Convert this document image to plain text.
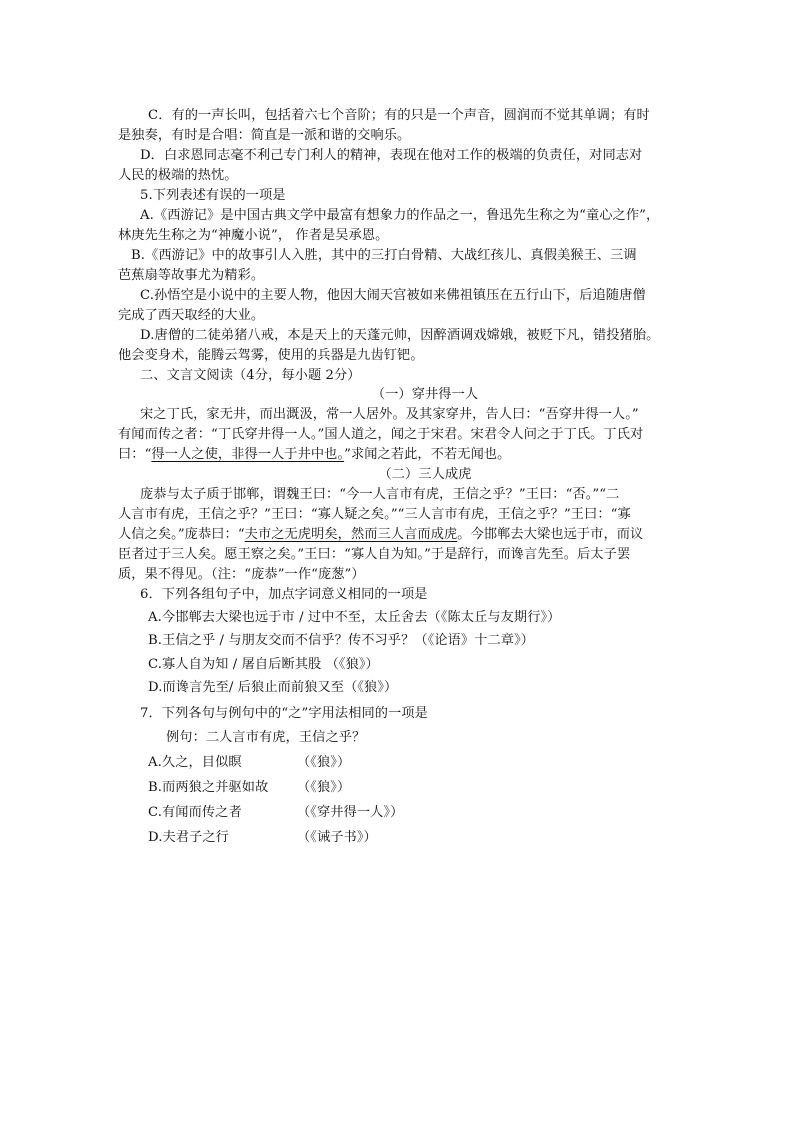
C．有的一声长叫，包括着六七个音阶；有的只是一个声音，圆润而不觉其单调；有时
是独奏，有时是合唱：简直是一派和谐的交响乐。
D．白求恩同志毫不利己专门利人的精神，表现在他对工作的极端的负责任，对同志对
人民的极端的热忱。
5.下列表述有误的一项是
A.《西游记》是中国古典文学中最富有想象力的作品之一，鲁迅先生称之为“童心之作”，
林庚先生称之为“神魔小说”， 作者是吴承恩。
B.《西游记》中的故事引人入胜，其中的三打白骨精、大战红孩儿、真假美猴王、三调
芭蕉扇等故事尤为精彩。
C.孙悟空是小说中的主要人物，他因大闹天宫被如来佛祖镇压在五行山下，后追随唐僧
完成了西天取经的大业。
D.唐僧的二徒弟猪八戒，本是天上的天蓬元帅，因醉酒调戏嫦娥，被贬下凡，错投猪胎。
他会变身术，能腾云驾雾，使用的兵器是九齿钉钯。
二、文言文阅读（4分，每小题 2分）
（一）穿井得一人
宋之丁氏，家无井，而出溉汲，常一人居外。及其家穿井，告人曰：“吾穿井得一人。”
有闻而传之者：“丁氏穿井得一人。”国人道之，闻之于宋君。宋君令人问之于丁氏。丁氏对
曰：“得一人之使，非得一人于井中也。”求闻之若此，不若无闻也。
（二）三人成虎
庞恭与太子质于邯郸，谓魏王曰：“今一人言市有虎，王信之乎？”王曰：“否。”“二
人言市有虎，王信之乎？”王曰：“寡人疑之矣。”“三人言市有虎，王信之乎？”王曰：“寡
人信之矣。”庞恭曰：“夫市之无虎明矣，然而三人言而成虎。今邯郸去大梁也远于市，而议
臣者过于三人矣。愿王察之矣。”王曰：“寡人自为知。”于是辞行，而谗言先至。后太子罢
质，果不得见。（注：“庞恭”一作“庞葱”）
6．下列各组句子中，加点字词意义相同的一项是
A.今邯郸去大梁也远于市 / 过中不至，太丘舍去（《陈太丘与友期行》）
B.王信之乎 / 与朋友交而不信乎？传不习乎？（《论语》十二章》）
C.寡人自为知 / 屠自后断其股 （《狼》）
D.而谗言先至/ 后狼止而前狼又至（《狼》）
7．下列各句与例句中的“之”字用法相同的一项是
例句：二人言市有虎，王信之乎？
A.久之，目似瞑	（《狼》）
B.而两狼之并驱如故 （《狼》）
C.有闻而传之者	（《穿井得一人》）
D.夫君子之行	（《诫子书》）
